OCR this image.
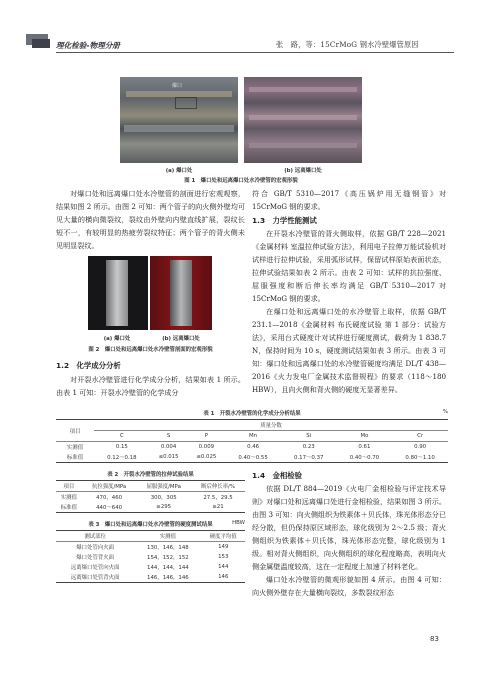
理化检验-物理分册	张　路，等：15CrMoG 钢水冷壁爆管原因
爆口
(a) 爆口处	(b) 远离爆口处
图 1　爆口处和远离爆口处水冷壁管的宏观形貌

对爆口处和远离爆口处水冷壁管的剖面进行宏观观察，结果如图 2 所示。由图 2 可知：两个管子的向火侧外壁均可见大量的横向微裂纹，裂纹由外壁向内壁直线扩展，裂纹长短不一，有较明显的热疲劳裂纹特征；两个管子的背火侧未见明显裂纹。

(a) 爆口处	(b) 远离爆口处
图 2　爆口处和远离爆口处水冷壁管剖面的宏观形貌
1.2　化学成分分析

对开裂水冷壁管进行化学成分分析，结果如表 1 所示。由表 1 可知：开裂水冷壁管的化学成分

符合 GB/T 5310—2017《高压锅炉用无缝钢管》对 15CrMoG 钢的要求。

1.3　力学性能测试

在开裂水冷壁管的背火侧取样，依据 GB/T 228—2021《金属材料 室温拉伸试验方法》，利用电子拉伸万能试验机对试样进行拉伸试验，采用弧形试样，保留试样原始表面状态，拉伸试验结果如表 2 所示。由表 2 可知：试样的抗拉强度、屈服强度和断后伸长率均满足 GB/T 5310—2017 对 15CrMoG 钢的要求。

在爆口处和远离爆口处的水冷壁管上取样，依据 GB/T 231.1—2018《金属材料 布氏硬度试验 第 1 部分：试验方法》，采用台式硬度计对试样进行硬度测试，载荷为 1 838.7 N，保持时间为 10 s，硬度测试结果如表 3 所示。由表 3 可知：爆口处和远离爆口处的水冷壁管硬度均满足 DL/T 438—2016《火力发电厂金属技术监督规程》的要求（118～180 HBW），且向火侧和背火侧的硬度无显著差异。

表 1　开裂水冷壁管的化学成分分析结果	%
项目	质量分数						
	C	S	P	Mn	Si	Mo	Cr
实测值	0.15	0.004	0.009	0.46	0.23	0.61	0.90
标准值	0.12～0.18	≤0.015	≤0.025	0.40～0.55	0.17～0.37	0.40～0.70	0.80～1.10
表 2　开裂水冷壁管的拉伸试验结果
项目	抗拉强度/MPa	屈服强度/MPa	断后伸长率/%
实测值	470，460	300，305	27.5，29.5
标准值	440～640	≥295	≥21
表 3　爆口处和远离爆口处水冷壁管的硬度测试结果	HBW
测试部位	实测值	硬度平均值
爆口处管向火面	130，146，148	149
爆口处管背火面	154，152，152	153
远离爆口处管向火面	144，144，144	144
远离爆口处管背火面	146，146，146	146
1.4　金相检验

依据 DL/T 884—2019《火电厂金相检验与评定技术导则》对爆口处和远离爆口处进行金相检验，结果如图 3 所示。由图 3 可知：向火侧组织为铁素体＋贝氏体，珠光体形态分已经分散，但仍保持原区域形态，球化级别为 2～2.5 级；背火侧组织为铁素体＋贝氏体，珠光体形态完整，球化级别为 1 级。相对背火侧组织，向火侧组织的球化程度略高，表明向火侧金属壁温度较高，这在一定程度上加速了材料老化。

爆口处水冷壁管的微观形貌如图 4 所示。由图 4 可知：向火侧外壁存在大量横向裂纹，多数裂纹形态

83
